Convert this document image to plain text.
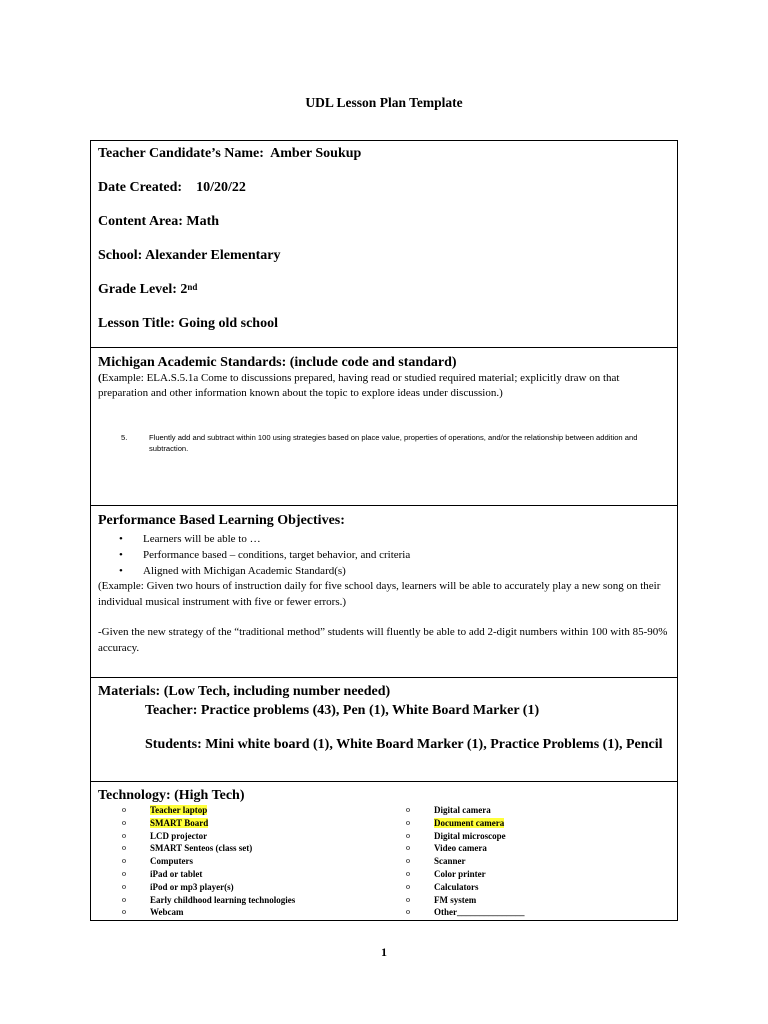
UDL Lesson Plan Template
Teacher Candidate’s Name: Amber Soukup
Date Created: 10/20/22
Content Area: Math
School: Alexander Elementary
Grade Level: 2nd
Lesson Title: Going old school
Michigan Academic Standards: (include code and standard)
(Example: ELA.S.5.1a Come to discussions prepared, having read or studied required material; explicitly draw on that preparation and other information known about the topic to explore ideas under discussion.)
5.	Fluently add and subtract within 100 using strategies based on place value, properties of operations, and/or the relationship between addition and subtraction.
Performance Based Learning Objectives:
• Learners will be able to …
• Performance based – conditions, target behavior, and criteria
• Aligned with Michigan Academic Standard(s)
(Example: Given two hours of instruction daily for five school days, learners will be able to accurately play a new song on their individual musical instrument with five or fewer errors.)
-Given the new strategy of the “traditional method” students will fluently be able to add 2-digit numbers within 100 with 85-90% accuracy.
Materials: (Low Tech, including number needed)
Teacher: Practice problems (43), Pen (1), White Board Marker (1)
Students: Mini white board (1), White Board Marker (1), Practice Problems (1), Pencil
Technology: (High Tech)
o	Teacher laptop
o	SMART Board
o	LCD projector
o	SMART Senteos (class set)
o	Computers
o	iPad or tablet
o	iPod or mp3 player(s)
o	Early childhood learning technologies
o	Webcam
o	Digital camera
o	Document camera
o	Digital microscope
o	Video camera
o	Scanner
o	Color printer
o	Calculators
o	FM system
o	Other_______________
1
